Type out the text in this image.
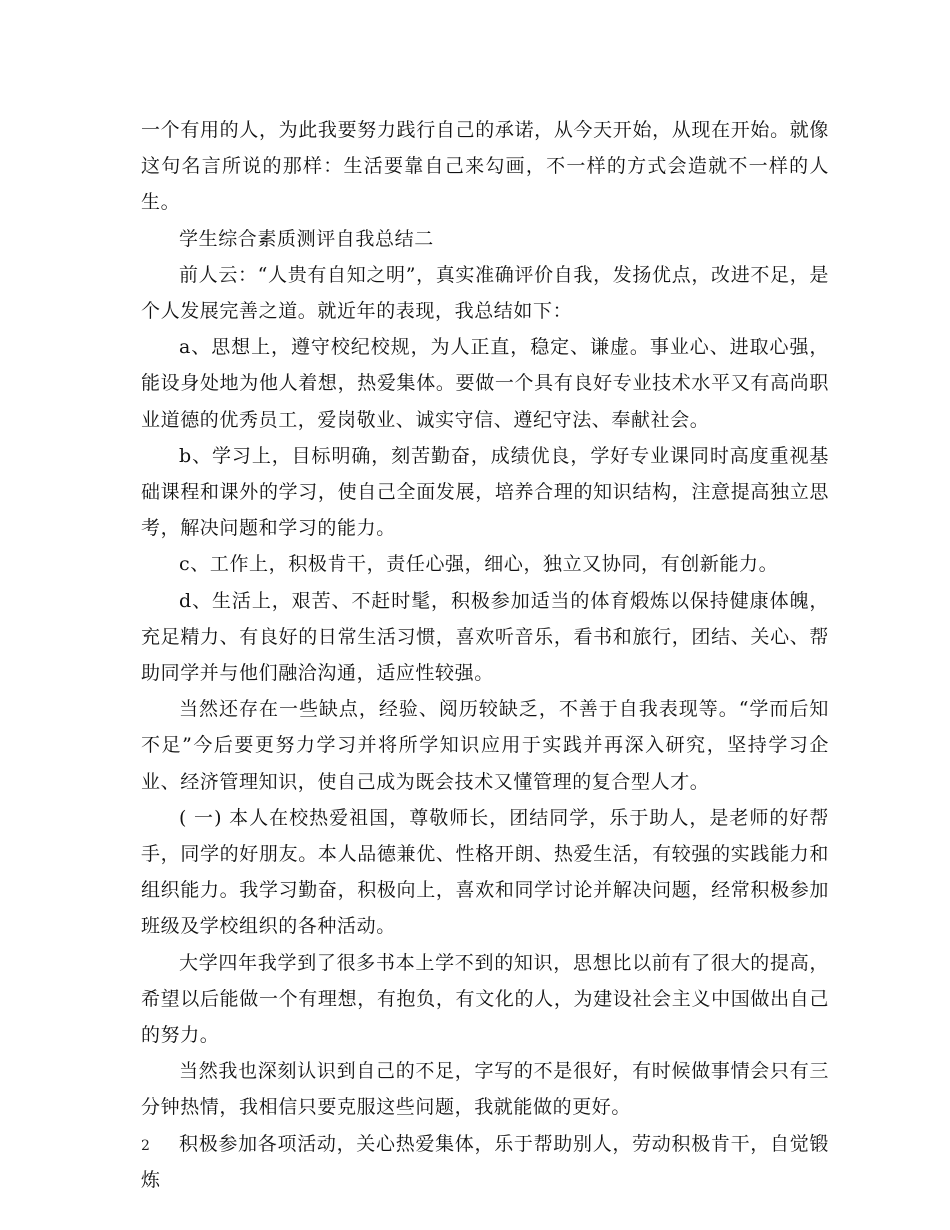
一个有用的人，为此我要努力践行自己的承诺，从今天开始，从现在开始。就像这句名言所说的那样：生活要靠自己来勾画，不一样的方式会造就不一样的人生。

学生综合素质测评自我总结二

前人云：“人贵有自知之明”，真实准确评价自我，发扬优点，改进不足，是个人发展完善之道。就近年的表现，我总结如下：

a、思想上，遵守校纪校规，为人正直，稳定、谦虚。事业心、进取心强，能设身处地为他人着想，热爱集体。要做一个具有良好专业技术水平又有高尚职业道德的优秀员工，爱岗敬业、诚实守信、遵纪守法、奉献社会。

b、学习上，目标明确，刻苦勤奋，成绩优良，学好专业课同时高度重视基础课程和课外的学习，使自己全面发展，培养合理的知识结构，注意提高独立思考，解决问题和学习的能力。

c、工作上，积极肯干，责任心强，细心，独立又协同，有创新能力。

d、生活上，艰苦、不赶时髦，积极参加适当的体育煅炼以保持健康体魄，充足精力、有良好的日常生活习惯，喜欢听音乐，看书和旅行，团结、关心、帮助同学并与他们融洽沟通，适应性较强。

当然还存在一些缺点，经验、阅历较缺乏，不善于自我表现等。“学而后知不足”今后要更努力学习并将所学知识应用于实践并再深入研究，坚持学习企业、经济管理知识，使自己成为既会技术又懂管理的复合型人才。

( 一) 本人在校热爱祖国，尊敬师长，团结同学，乐于助人，是老师的好帮手，同学的好朋友。本人品德兼优、性格开朗、热爱生活，有较强的实践能力和组织能力。我学习勤奋，积极向上，喜欢和同学讨论并解决问题，经常积极参加班级及学校组织的各种活动。

大学四年我学到了很多书本上学不到的知识，思想比以前有了很大的提高，希望以后能做一个有理想，有抱负，有文化的人，为建设社会主义中国做出自己的努力。

当然我也深刻认识到自己的不足，字写的不是很好，有时候做事情会只有三分钟热情，我相信只要克服这些问题，我就能做的更好。

积极参加各项活动，关心热爱集体，乐于帮助别人，劳动积极肯干，自觉锻炼

2
